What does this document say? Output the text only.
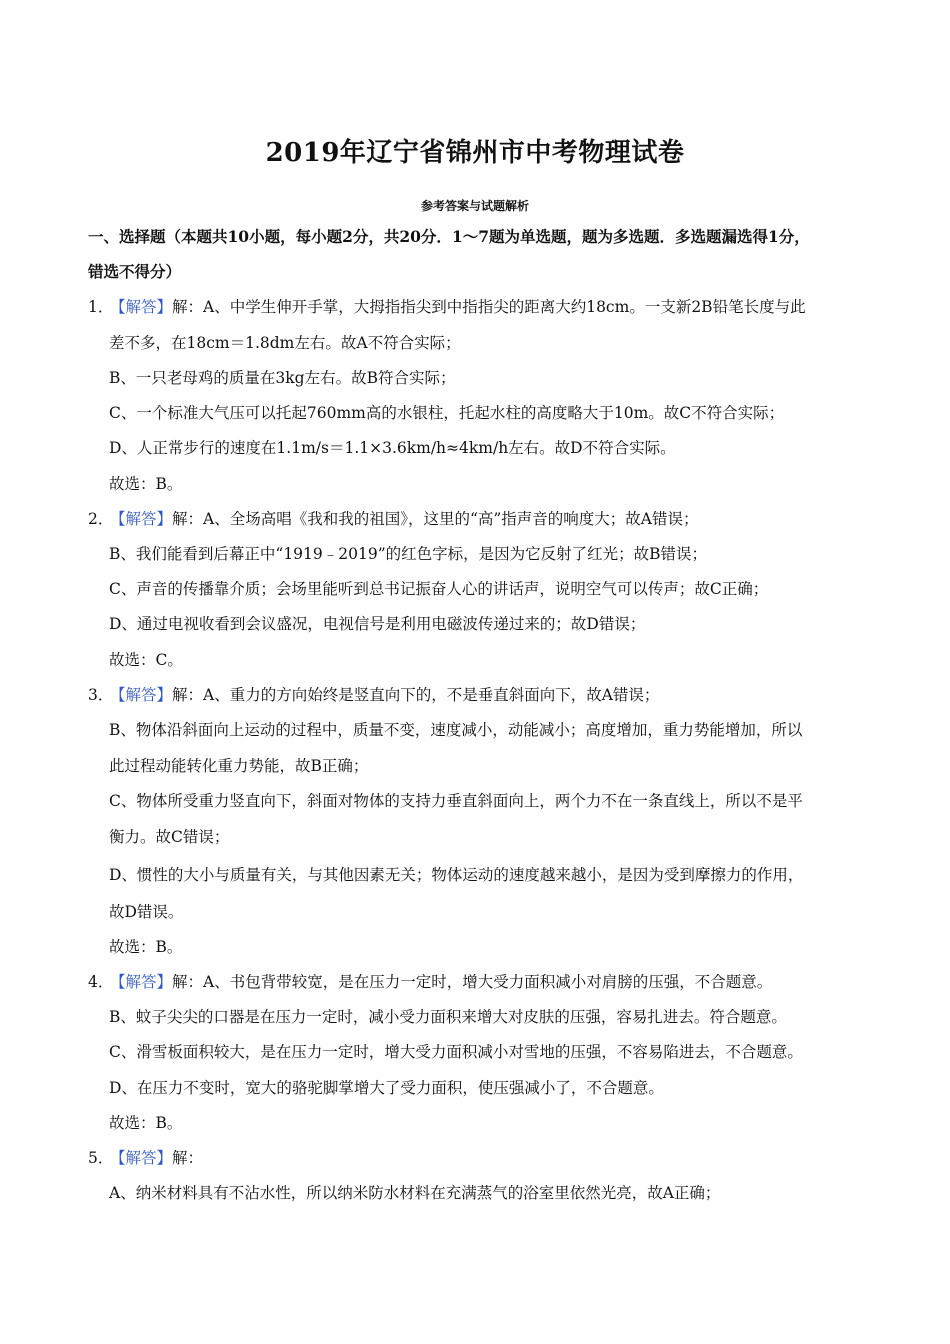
2019年辽宁省锦州市中考物理试卷
参考答案与试题解析
一、选择题（本题共10小题，每小题2分，共20分．1～7题为单选题，题为多选题．多选题漏选得1分，
错选不得分）
1．【解答】解：A、中学生伸开手掌，大拇指指尖到中指指尖的距离大约18cm。一支新2B铅笔长度与此
差不多，在18cm＝1.8dm左右。故A不符合实际；
B、一只老母鸡的质量在3kg左右。故B符合实际；
C、一个标准大气压可以托起760mm高的水银柱，托起水柱的高度略大于10m。故C不符合实际；
D、人正常步行的速度在1.1m/s＝1.1×3.6km/h≈4km/h左右。故D不符合实际。
故选：B。
2．【解答】解：A、全场高唱《我和我的祖国》，这里的“高”指声音的响度大；故A错误；
B、我们能看到后幕正中“1919﹣2019”的红色字标，是因为它反射了红光；故B错误；
C、声音的传播靠介质；会场里能听到总书记振奋人心的讲话声，说明空气可以传声；故C正确；
D、通过电视收看到会议盛况，电视信号是利用电磁波传递过来的；故D错误；
故选：C。
3．【解答】解：A、重力的方向始终是竖直向下的，不是垂直斜面向下，故A错误；
B、物体沿斜面向上运动的过程中，质量不变，速度减小，动能减小；高度增加，重力势能增加，所以
此过程动能转化重力势能，故B正确；
C、物体所受重力竖直向下，斜面对物体的支持力垂直斜面向上，两个力不在一条直线上，所以不是平
衡力。故C错误；
D、惯性的大小与质量有关，与其他因素无关；物体运动的速度越来越小，是因为受到摩擦力的作用，
故D错误。
故选：B。
4．【解答】解：A、书包背带较宽，是在压力一定时，增大受力面积减小对肩膀的压强，不合题意。
B、蚊子尖尖的口器是在压力一定时，减小受力面积来增大对皮肤的压强，容易扎进去。符合题意。
C、滑雪板面积较大，是在压力一定时，增大受力面积减小对雪地的压强，不容易陷进去，不合题意。
D、在压力不变时，宽大的骆驼脚掌增大了受力面积，使压强减小了，不合题意。
故选：B。
5．【解答】解：
A、纳米材料具有不沾水性，所以纳米防水材料在充满蒸气的浴室里依然光亮，故A正确；
